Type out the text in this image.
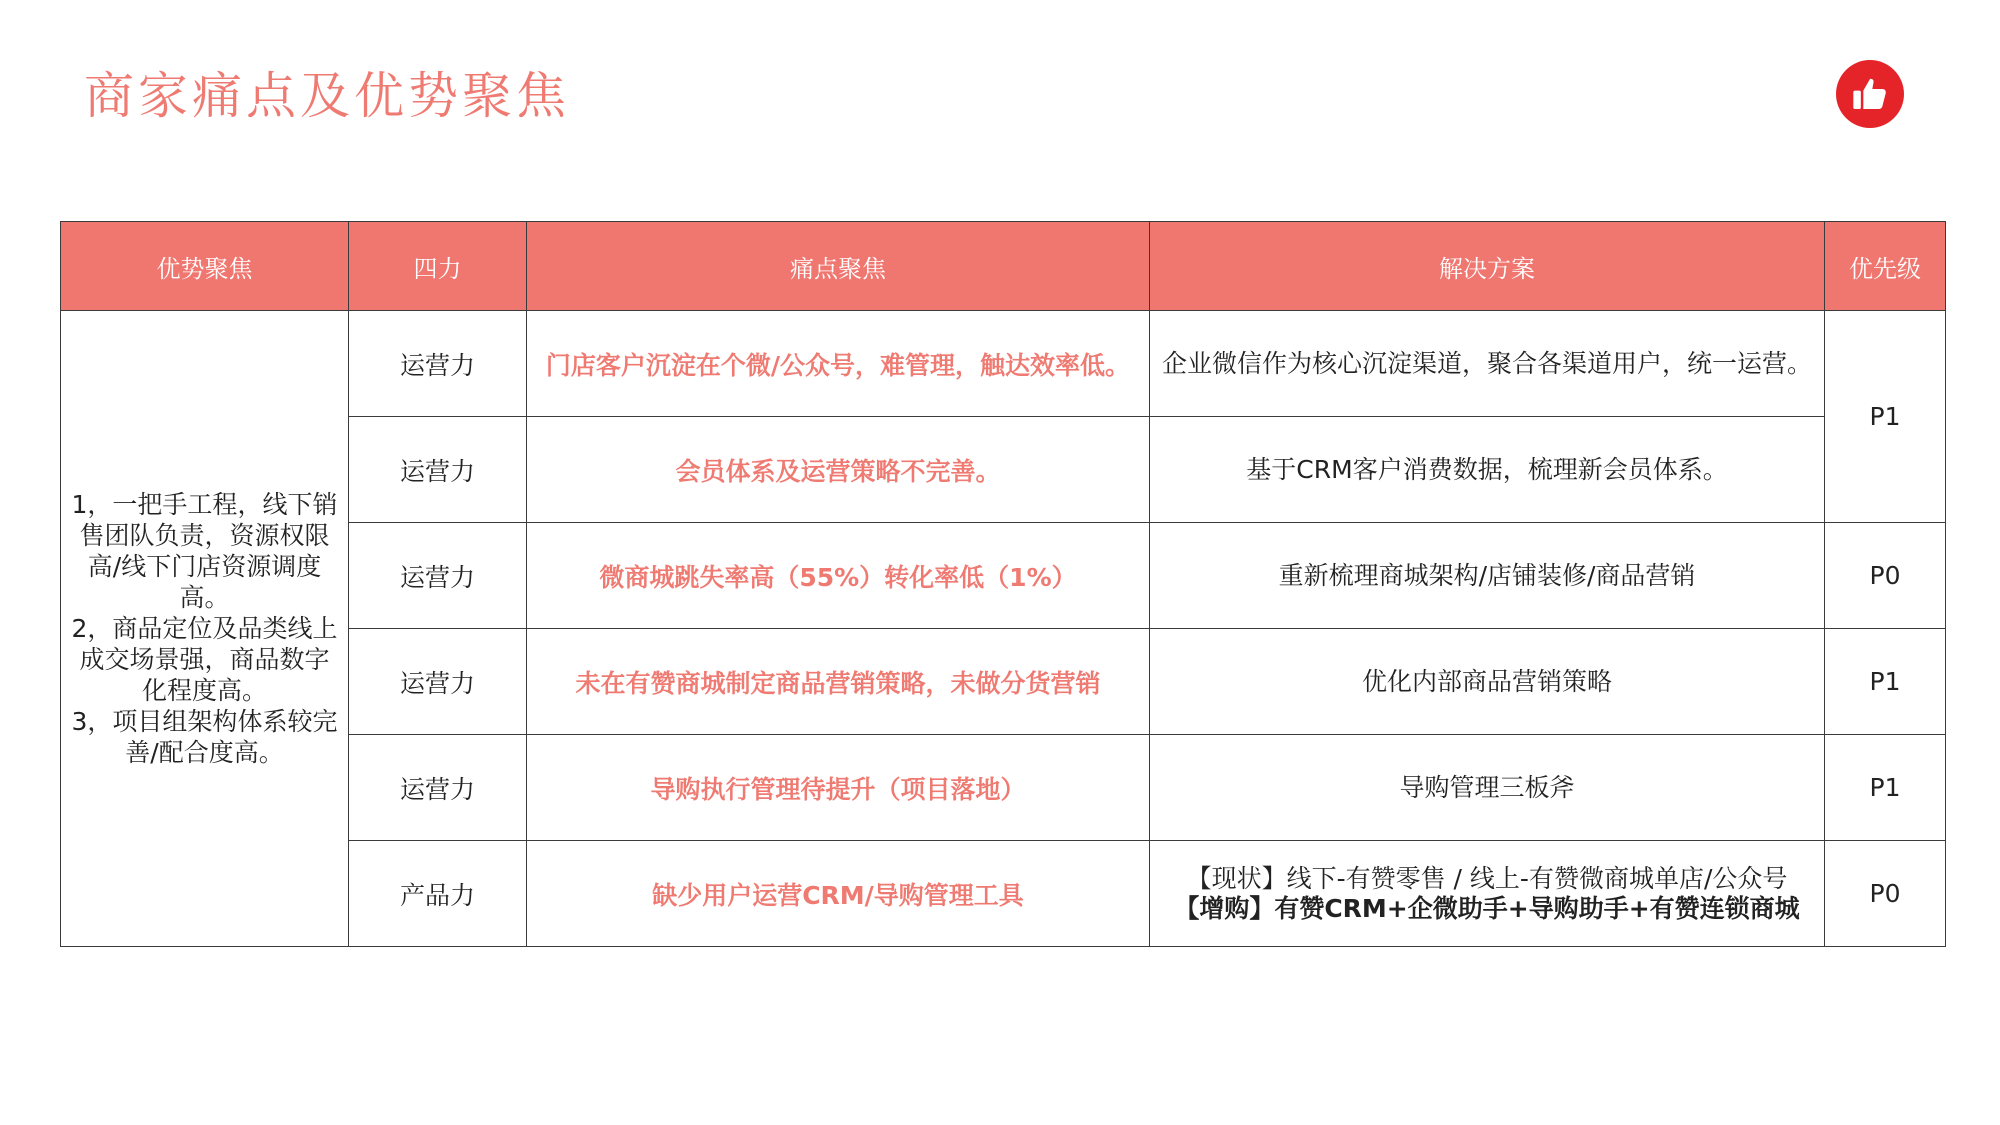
商家痛点及优势聚焦
优势聚焦	四力	痛点聚焦	解决方案	优先级

1，一把手工程，线下销售团队负责，资源权限高/线下门店资源调度高。
2，商品定位及品类线上成交场景强，商品数字化程度高。
3，项目组架构体系较完善/配合度高。	运营力	门店客户沉淀在个微/公众号，难管理，触达效率低。	企业微信作为核心沉淀渠道，聚合各渠道用户，统一运营。	P1
	运营力	会员体系及运营策略不完善。	基于CRM客户消费数据，梳理新会员体系。	
	运营力	微商城跳失率高（55%）转化率低（1%）	重新梳理商城架构/店铺装修/商品营销	P0
	运营力	未在有赞商城制定商品营销策略，未做分货营销	优化内部商品营销策略	P1
	运营力	导购执行管理待提升（项目落地）	导购管理三板斧	P1
	产品力	缺少用户运营CRM/导购管理工具	【现状】线下-有赞零售 / 线上-有赞微商城单店/公众号
【增购】有赞CRM+企微助手+导购助手+有赞连锁商城	P0
